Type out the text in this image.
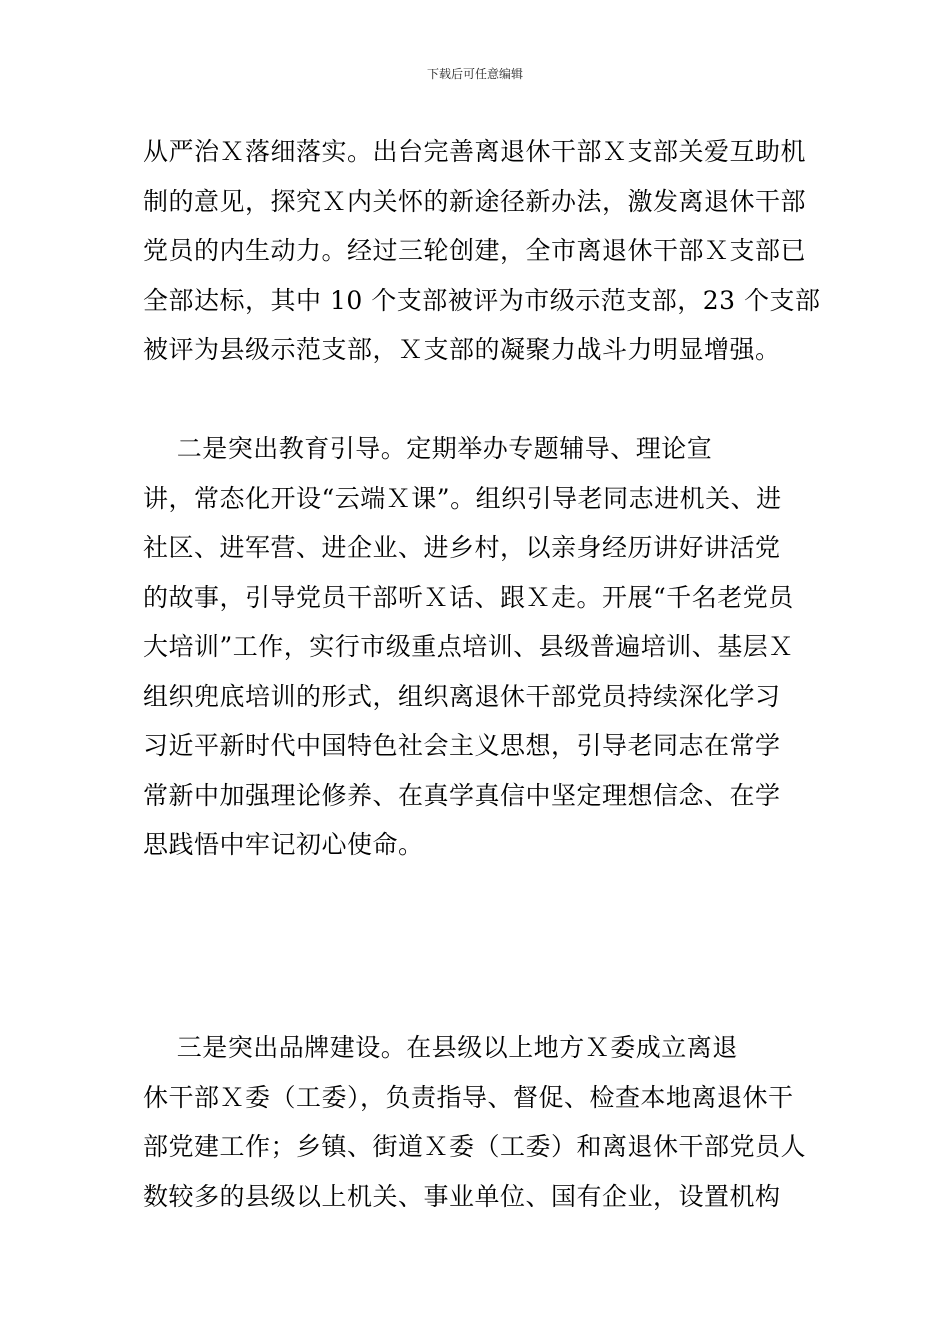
下载后可任意编辑
从严治Ｘ落细落实。出台完善离退休干部Ｘ支部关爱互助机
制的意见，探究Ｘ内关怀的新途径新办法，激发离退休干部
党员的内生动力。经过三轮创建，全市离退休干部Ｘ支部已
全部达标，其中 10 个支部被评为市级示范支部，23 个支部
被评为县级示范支部，Ｘ支部的凝聚力战斗力明显增强。
二是突出教育引导。定期举办专题辅导、理论宣
讲，常态化开设“云端Ｘ课”。组织引导老同志进机关、进
社区、进军营、进企业、进乡村，以亲身经历讲好讲活党
的故事，引导党员干部听Ｘ话、跟Ｘ走。开展“千名老党员
大培训”工作，实行市级重点培训、县级普遍培训、基层Ｘ
组织兜底培训的形式，组织离退休干部党员持续深化学习
习近平新时代中国特色社会主义思想，引导老同志在常学
常新中加强理论修养、在真学真信中坚定理想信念、在学
思践悟中牢记初心使命。
三是突出品牌建设。在县级以上地方Ｘ委成立离退
休干部Ｘ委（工委），负责指导、督促、检查本地离退休干
部党建工作；乡镇、街道Ｘ委（工委）和离退休干部党员人
数较多的县级以上机关、事业单位、国有企业，设置机构
